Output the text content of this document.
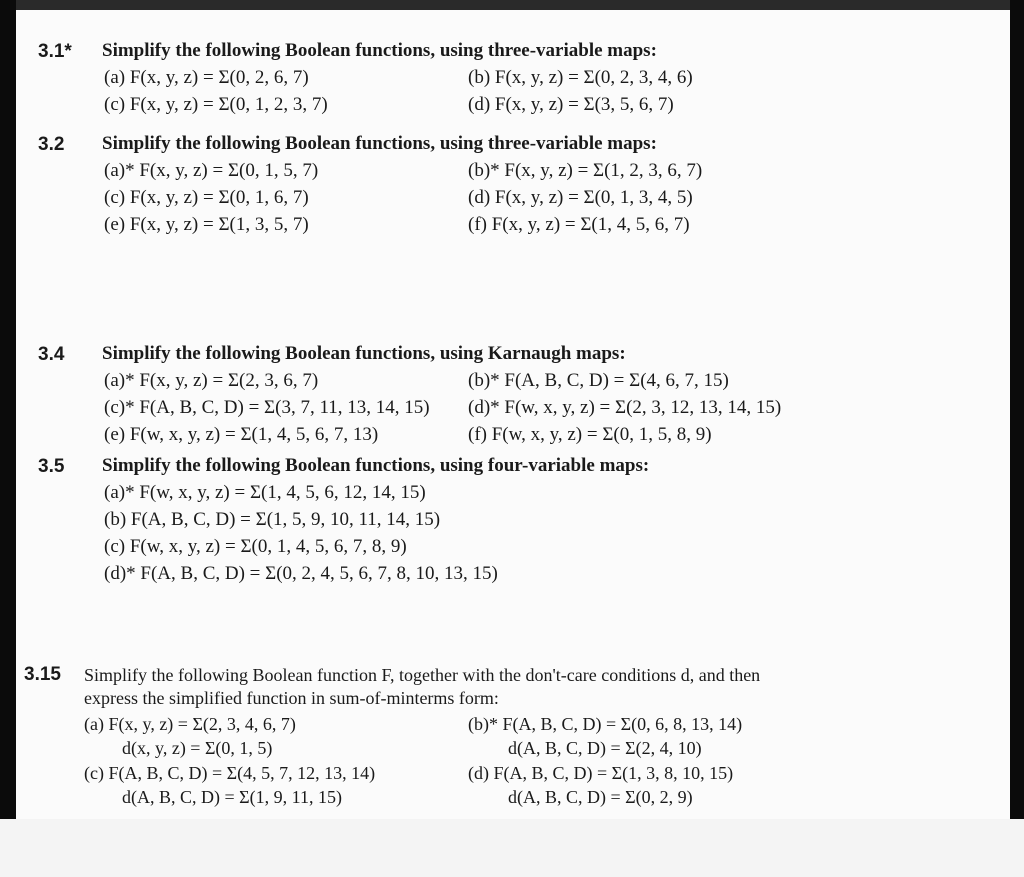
3.1* Simplify the following Boolean functions, using three-variable maps:
(a) F(x, y, z) = Σ(0, 2, 6, 7)	(b) F(x, y, z) = Σ(0, 2, 3, 4, 6)
(c) F(x, y, z) = Σ(0, 1, 2, 3, 7)	(d) F(x, y, z) = Σ(3, 5, 6, 7)
3.2 Simplify the following Boolean functions, using three-variable maps:
(a)* F(x, y, z) = Σ(0, 1, 5, 7)	(b)* F(x, y, z) = Σ(1, 2, 3, 6, 7)
(c) F(x, y, z) = Σ(0, 1, 6, 7)	(d) F(x, y, z) = Σ(0, 1, 3, 4, 5)
(e) F(x, y, z) = Σ(1, 3, 5, 7)	(f) F(x, y, z) = Σ(1, 4, 5, 6, 7)
3.4 Simplify the following Boolean functions, using Karnaugh maps:
(a)* F(x, y, z) = Σ(2, 3, 6, 7)	(b)* F(A, B, C, D) = Σ(4, 6, 7, 15)
(c)* F(A, B, C, D) = Σ(3, 7, 11, 13, 14, 15) (d)* F(w, x, y, z) = Σ(2, 3, 12, 13, 14, 15)
(e) F(w, x, y, z) = Σ(1, 4, 5, 6, 7, 13)	(f) F(w, x, y, z) = Σ(0, 1, 5, 8, 9)
3.5 Simplify the following Boolean functions, using four-variable maps:
(a)* F(w, x, y, z) = Σ(1, 4, 5, 6, 12, 14, 15)
(b) F(A, B, C, D) = Σ(1, 5, 9, 10, 11, 14, 15)
(c) F(w, x, y, z) = Σ(0, 1, 4, 5, 6, 7, 8, 9)
(d)* F(A, B, C, D) = Σ(0, 2, 4, 5, 6, 7, 8, 10, 13, 15)
3.15 Simplify the following Boolean function F, together with the don't-care conditions d, and then
express the simplified function in sum-of-minterms form:
(a) F(x, y, z) = Σ(2, 3, 4, 6, 7)
d(x, y, z) = Σ(0, 1, 5)
(b)* F(A, B, C, D) = Σ(0, 6, 8, 13, 14)
d(A, B, C, D) = Σ(2, 4, 10)
(c) F(A, B, C, D) = Σ(4, 5, 7, 12, 13, 14)
d(A, B, C, D) = Σ(1, 9, 11, 15)
(d) F(A, B, C, D) = Σ(1, 3, 8, 10, 15)
d(A, B, C, D) = Σ(0, 2, 9)
